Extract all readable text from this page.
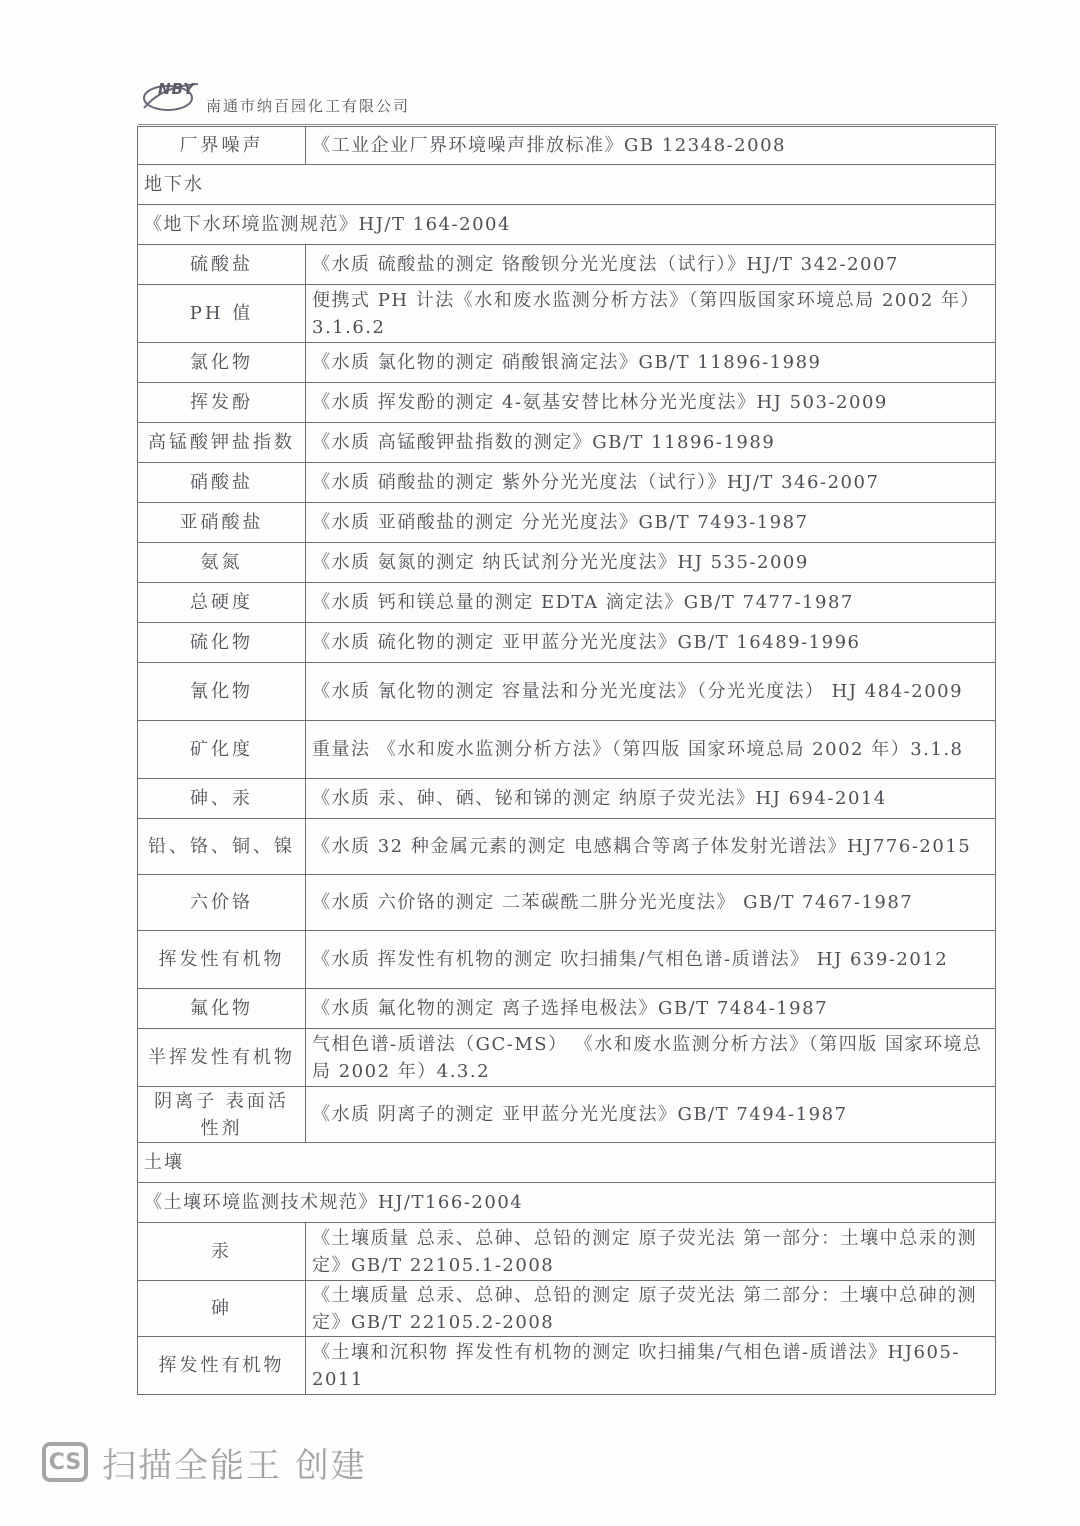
NBY
南通市纳百园化工有限公司
厂界噪声	《工业企业厂界环境噪声排放标准》GB 12348-2008
地下水	
《地下水环境监测规范》HJ/T 164-2004	
硫酸盐	《水质 硫酸盐的测定 铬酸钡分光光度法（试行）》HJ/T 342-2007
PH 值	便携式 PH 计法《水和废水监测分析方法》（第四版国家环境总局 2002 年）3.1.6.2
氯化物	《水质 氯化物的测定 硝酸银滴定法》GB/T 11896-1989
挥发酚	《水质 挥发酚的测定 4-氨基安替比林分光光度法》HJ 503-2009
高锰酸钾盐指数	《水质 高锰酸钾盐指数的测定》GB/T 11896-1989
硝酸盐	《水质 硝酸盐的测定 紫外分光光度法（试行）》HJ/T 346-2007
亚硝酸盐	《水质 亚硝酸盐的测定 分光光度法》GB/T 7493-1987
氨氮	《水质 氨氮的测定 纳氏试剂分光光度法》HJ 535-2009
总硬度	《水质 钙和镁总量的测定 EDTA 滴定法》GB/T 7477-1987
硫化物	《水质 硫化物的测定 亚甲蓝分光光度法》GB/T 16489-1996
氰化物	《水质 氰化物的测定 容量法和分光光度法》（分光光度法） HJ 484-2009
矿化度	重量法 《水和废水监测分析方法》（第四版 国家环境总局 2002 年）3.1.8
砷、汞	《水质 汞、砷、硒、铋和锑的测定 纳原子荧光法》HJ 694-2014
铅、铬、铜、镍	《水质 32 种金属元素的测定 电感耦合等离子体发射光谱法》HJ776-2015
六价铬	《水质 六价铬的测定 二苯碳酰二肼分光光度法》 GB/T 7467-1987
挥发性有机物	《水质 挥发性有机物的测定 吹扫捕集/气相色谱-质谱法》 HJ 639-2012
氟化物	《水质 氟化物的测定 离子选择电极法》GB/T 7484-1987
半挥发性有机物	气相色谱-质谱法（GC-MS） 《水和废水监测分析方法》（第四版 国家环境总局 2002 年）4.3.2
阴离子 表面活性剂	《水质 阴离子的测定 亚甲蓝分光光度法》GB/T 7494-1987
土壤	
《土壤环境监测技术规范》HJ/T166-2004	
汞	《土壤质量 总汞、总砷、总铅的测定 原子荧光法 第一部分：土壤中总汞的测定》GB/T 22105.1-2008
砷	《土壤质量 总汞、总砷、总铅的测定 原子荧光法 第二部分：土壤中总砷的测定》GB/T 22105.2-2008
挥发性有机物	《土壤和沉积物 挥发性有机物的测定 吹扫捕集/气相色谱-质谱法》HJ605-2011
CS 扫描全能王 创建
